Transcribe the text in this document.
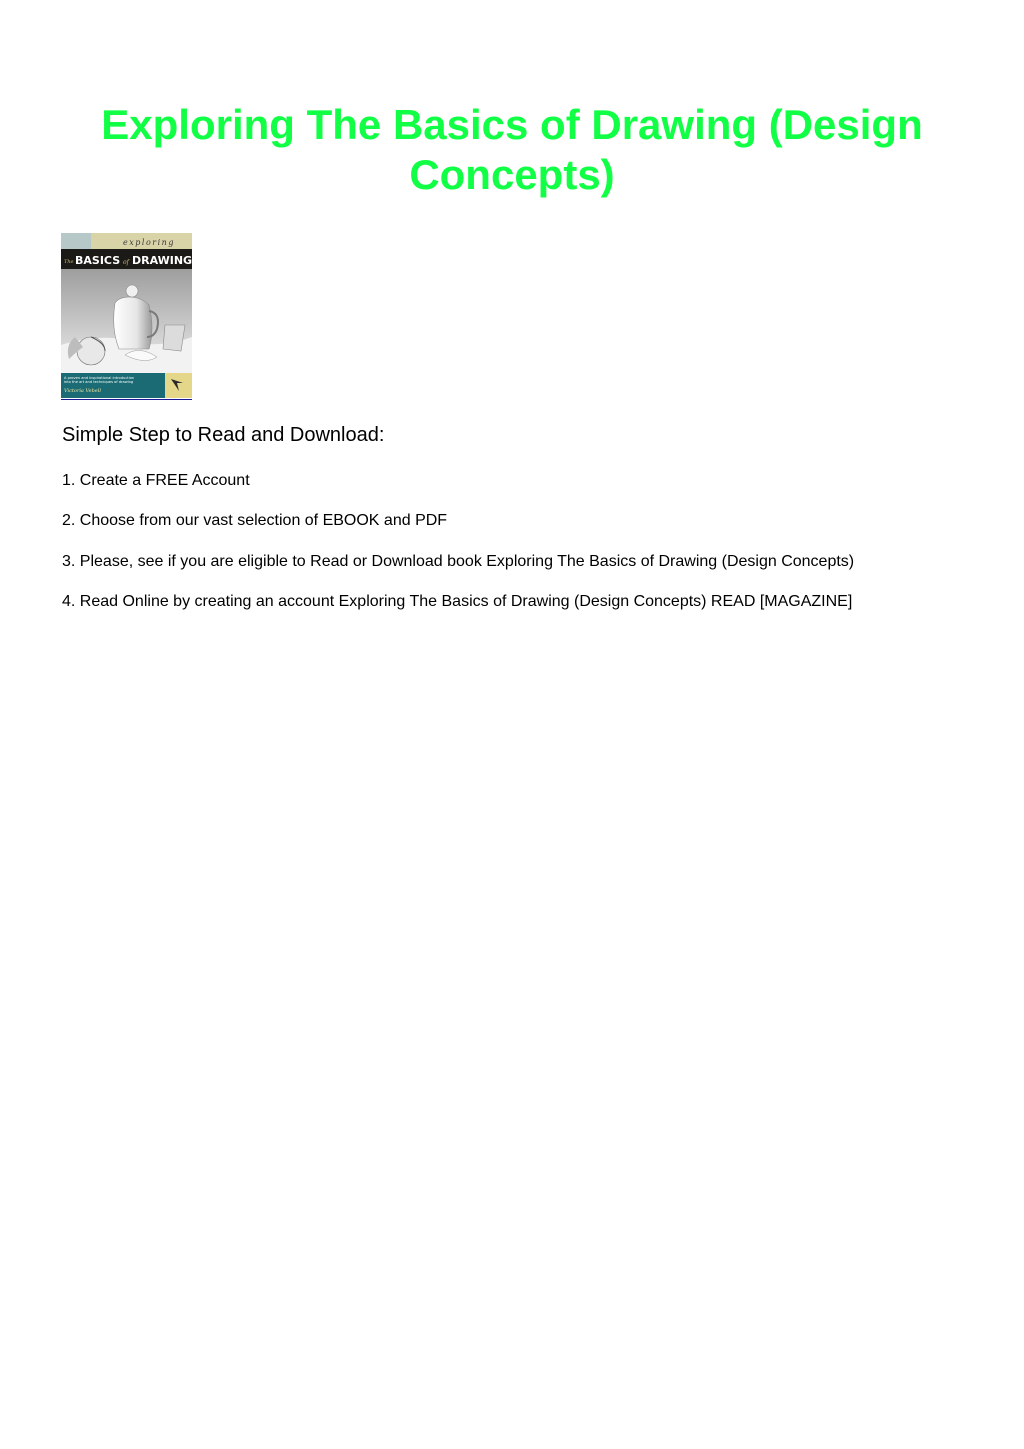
Exploring The Basics of Drawing (Design Concepts)
exploring
The BASICS of DRAWING
A proven and inspirational introduction
into the art and techniques of drawing
Victoria Vebell
Simple Step to Read and Download:

1. Create a FREE Account

2. Choose from our vast selection of EBOOK and PDF

3. Please, see if you are eligible to Read or Download book Exploring The Basics of Drawing (Design Concepts)

4. Read Online by creating an account Exploring The Basics of Drawing (Design Concepts) READ [MAGAZINE]
